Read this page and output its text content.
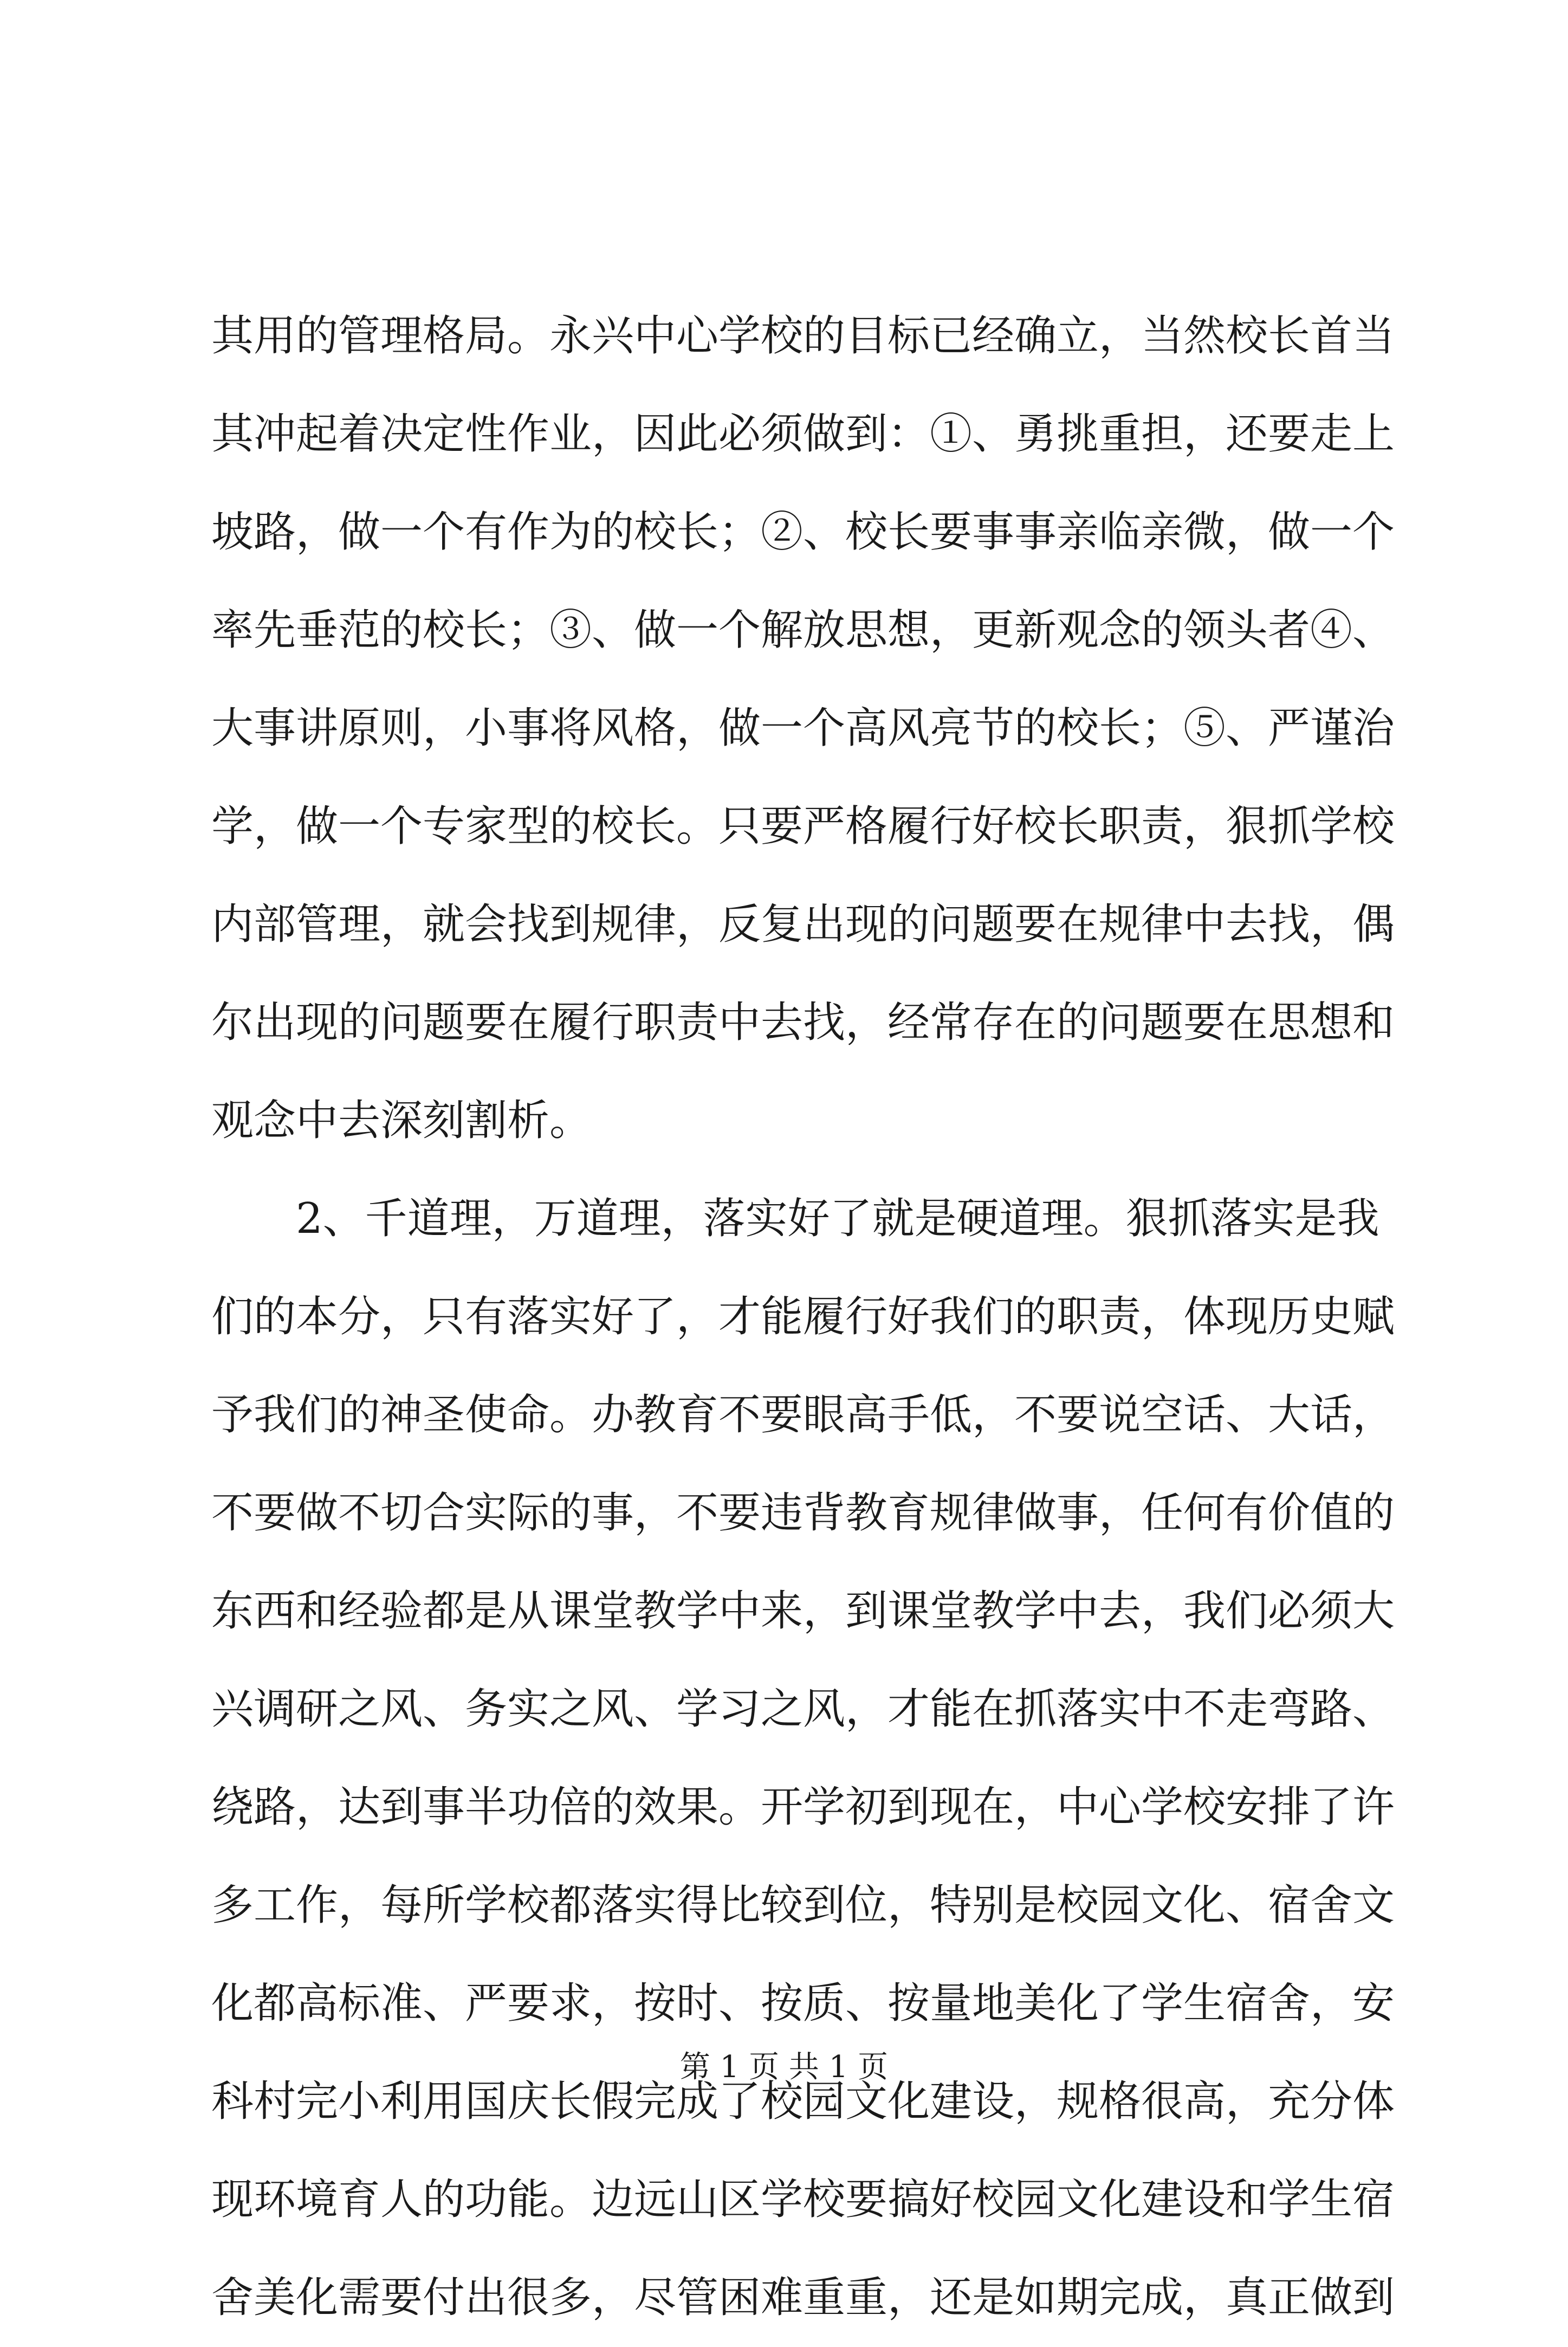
其用的管理格局。永兴中心学校的目标已经确立，当然校长首当
其冲起着决定性作业，因此必须做到：①、勇挑重担，还要走上
坡路，做一个有作为的校长；②、校长要事事亲临亲微，做一个
率先垂范的校长；③、做一个解放思想，更新观念的领头者④、
大事讲原则，小事将风格，做一个高风亮节的校长；⑤、严谨治
学，做一个专家型的校长。只要严格履行好校长职责，狠抓学校
内部管理，就会找到规律，反复出现的问题要在规律中去找，偶
尔出现的问题要在履行职责中去找，经常存在的问题要在思想和
观念中去深刻割析。
2、千道理，万道理，落实好了就是硬道理。狠抓落实是我
们的本分，只有落实好了，才能履行好我们的职责，体现历史赋
予我们的神圣使命。办教育不要眼高手低，不要说空话、大话，
不要做不切合实际的事，不要违背教育规律做事，任何有价值的
东西和经验都是从课堂教学中来，到课堂教学中去，我们必须大
兴调研之风、务实之风、学习之风，才能在抓落实中不走弯路、
绕路，达到事半功倍的效果。开学初到现在，中心学校安排了许
多工作，每所学校都落实得比较到位，特别是校园文化、宿舍文
化都高标准、严要求，按时、按质、按量地美化了学生宿舍，安
科村完小利用国庆长假完成了校园文化建设，规格很高，充分体
现环境育人的功能。边远山区学校要搞好校园文化建设和学生宿
舍美化需要付出很多，尽管困难重重，还是如期完成，真正做到
第 1 页 共 1 页
